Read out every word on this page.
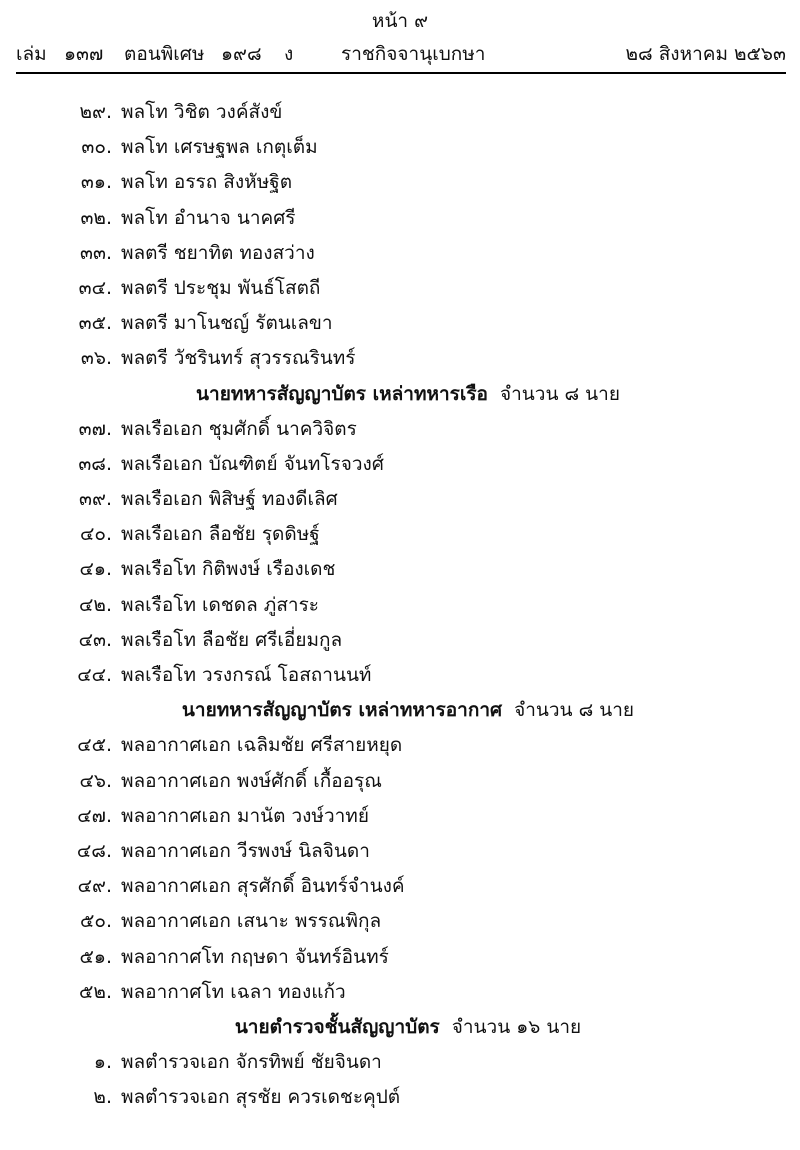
หน้า ๙
เล่ม ๑๓๗ ตอนพิเศษ ๑๙๘ ง	ราชกิจจานุเบกษา	๒๘ สิงหาคม ๒๕๖๓
๒๙. พลโท วิชิต วงค์สังข์
๓๐. พลโท เศรษฐพล เกตุเต็ม
๓๑. พลโท อรรถ สิงหัษฐิต
๓๒. พลโท อำนาจ นาคศรี
๓๓. พลตรี ชยาทิต ทองสว่าง
๓๔. พลตรี ประชุม พันธ์โสตถี
๓๕. พลตรี มาโนชญ์ รัตนเลขา
๓๖. พลตรี วัชรินทร์ สุวรรณรินทร์
นายทหารสัญญาบัตร เหล่าทหารเรือ จำนวน ๘ นาย
๓๗. พลเรือเอก ชุมศักดิ์ นาควิจิตร
๓๘. พลเรือเอก บัณฑิตย์ จันทโรจวงศ์
๓๙. พลเรือเอก พิสิษฐ์ ทองดีเลิศ
๔๐. พลเรือเอก ลือชัย รุดดิษฐ์
๔๑. พลเรือโท กิติพงษ์ เรืองเดช
๔๒. พลเรือโท เดชดล ภู่สาระ
๔๓. พลเรือโท ลือชัย ศรีเอี่ยมกูล
๔๔. พลเรือโท วรงกรณ์ โอสถานนท์
นายทหารสัญญาบัตร เหล่าทหารอากาศ จำนวน ๘ นาย
๔๕. พลอากาศเอก เฉลิมชัย ศรีสายหยุด
๔๖. พลอากาศเอก พงษ์ศักดิ์ เกื้ออรุณ
๔๗. พลอากาศเอก มานัต วงษ์วาทย์
๔๘. พลอากาศเอก วีรพงษ์ นิลจินดา
๔๙. พลอากาศเอก สุรศักดิ์ อินทร์จำนงค์
๕๐. พลอากาศเอก เสนาะ พรรณพิกุล
๕๑. พลอากาศโท กฤษดา จันทร์อินทร์
๕๒. พลอากาศโท เฉลา ทองแก้ว
นายตำรวจชั้นสัญญาบัตร จำนวน ๑๖ นาย
๑. พลตำรวจเอก จักรทิพย์ ชัยจินดา
๒. พลตำรวจเอก สุรชัย ควรเดชะคุปต์
